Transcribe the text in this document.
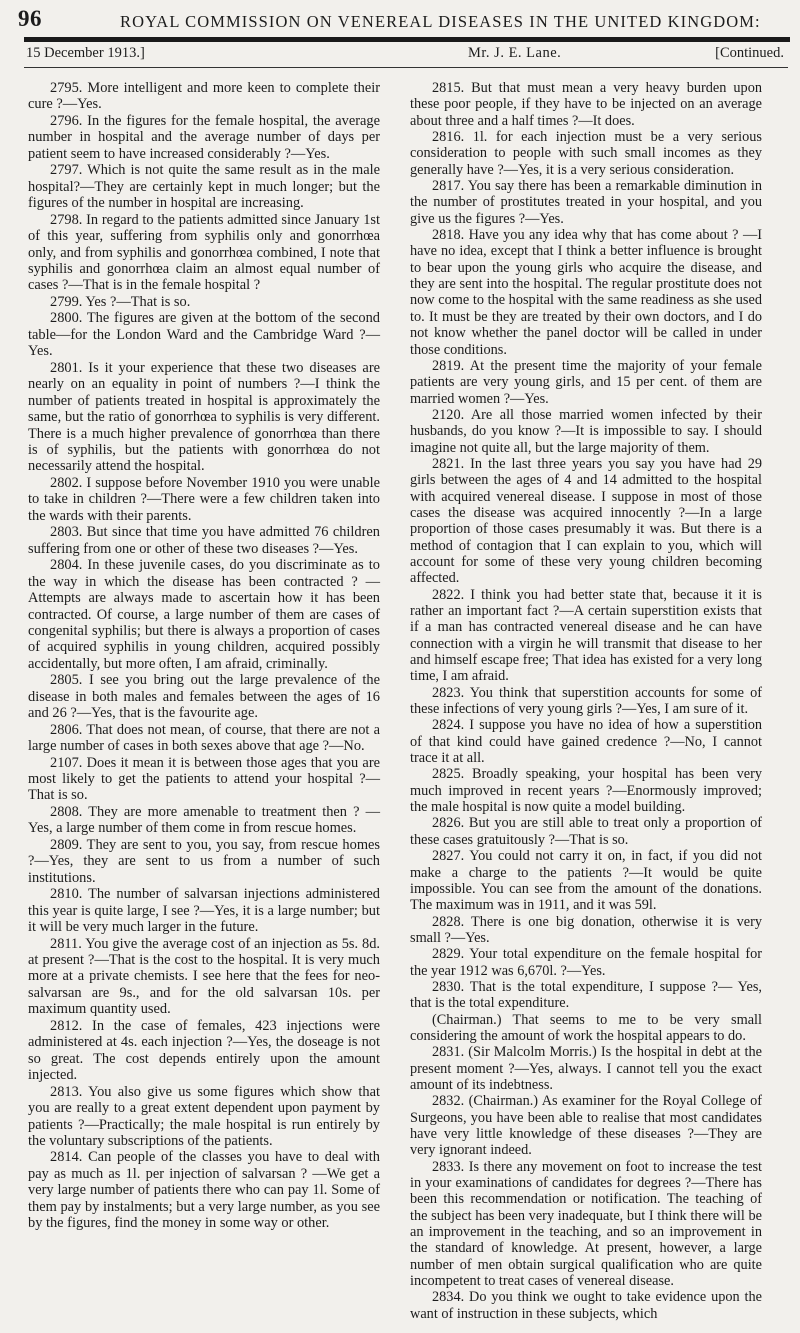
96	ROYAL COMMISSION ON VENEREAL DISEASES IN THE UNITED KINGDOM:
15 December 1913.]	Mr. J. E. Lane.	[Continued.

2795. More intelligent and more keen to complete their cure ?—Yes.

2796. In the figures for the female hospital, the average number in hospital and the average number of days per patient seem to have increased considerably ?—Yes.

2797. Which is not quite the same result as in the male hospital?—They are certainly kept in much longer; but the figures of the number in hospital are increasing.

2798. In regard to the patients admitted since January 1st of this year, suffering from syphilis only and gonorrhœa only, and from syphilis and gonorrhœa combined, I note that syphilis and gonorrhœa claim an almost equal number of cases ?—That is in the female hospital ?

2799. Yes ?—That is so.

2800. The figures are given at the bottom of the second table—for the London Ward and the Cambridge Ward ?—Yes.

2801. Is it your experience that these two diseases are nearly on an equality in point of numbers ?—I think the number of patients treated in hospital is approximately the same, but the ratio of gonorrhœa to syphilis is very different. There is a much higher prevalence of gonorrhœa than there is of syphilis, but the patients with gonorrhœa do not necessarily attend the hospital.

2802. I suppose before November 1910 you were unable to take in children ?—There were a few children taken into the wards with their parents.

2803. But since that time you have admitted 76 children suffering from one or other of these two diseases ?—Yes.

2804. In these juvenile cases, do you discriminate as to the way in which the disease has been contracted ? —Attempts are always made to ascertain how it has been contracted. Of course, a large number of them are cases of congenital syphilis; but there is always a proportion of cases of acquired syphilis in young children, acquired possibly accidentally, but more often, I am afraid, criminally.

2805. I see you bring out the large prevalence of the disease in both males and females between the ages of 16 and 26 ?—Yes, that is the favourite age.

2806. That does not mean, of course, that there are not a large number of cases in both sexes above that age ?—No.

2107. Does it mean it is between those ages that you are most likely to get the patients to attend your hospital ?—That is so.

2808. They are more amenable to treatment then ? —Yes, a large number of them come in from rescue homes.

2809. They are sent to you, you say, from rescue homes ?—Yes, they are sent to us from a number of such institutions.

2810. The number of salvarsan injections administered this year is quite large, I see ?—Yes, it is a large number; but it will be very much larger in the future.

2811. You give the average cost of an injection as 5s. 8d. at present ?—That is the cost to the hospital. It is very much more at a private chemists. I see here that the fees for neo-salvarsan are 9s., and for the old salvarsan 10s. per maximum quantity used.

2812. In the case of females, 423 injections were administered at 4s. each injection ?—Yes, the doseage is not so great. The cost depends entirely upon the amount injected.

2813. You also give us some figures which show that you are really to a great extent dependent upon payment by patients ?—Practically; the male hospital is run entirely by the voluntary subscriptions of the patients.

2814. Can people of the classes you have to deal with pay as much as 1l. per injection of salvarsan ? —We get a very large number of patients there who can pay 1l. Some of them pay by instalments; but a very large number, as you see by the figures, find the money in some way or other.

2815. But that must mean a very heavy burden upon these poor people, if they have to be injected on an average about three and a half times ?—It does.

2816. 1l. for each injection must be a very serious consideration to people with such small incomes as they generally have ?—Yes, it is a very serious consideration.

2817. You say there has been a remarkable diminution in the number of prostitutes treated in your hospital, and you give us the figures ?—Yes.

2818. Have you any idea why that has come about ? —I have no idea, except that I think a better influence is brought to bear upon the young girls who acquire the disease, and they are sent into the hospital. The regular prostitute does not now come to the hospital with the same readiness as she used to. It must be they are treated by their own doctors, and I do not know whether the panel doctor will be called in under those conditions.

2819. At the present time the majority of your female patients are very young girls, and 15 per cent. of them are married women ?—Yes.

2120. Are all those married women infected by their husbands, do you know ?—It is impossible to say. I should imagine not quite all, but the large majority of them.

2821. In the last three years you say you have had 29 girls between the ages of 4 and 14 admitted to the hospital with acquired venereal disease. I suppose in most of those cases the disease was acquired innocently ?—In a large proportion of those cases presumably it was. But there is a method of contagion that I can explain to you, which will account for some of these very young children becoming affected.

2822. I think you had better state that, because it it is rather an important fact ?—A certain superstition exists that if a man has contracted venereal disease and he can have connection with a virgin he will transmit that disease to her and himself escape free; That idea has existed for a very long time, I am afraid.

2823. You think that superstition accounts for some of these infections of very young girls ?—Yes, I am sure of it.

2824. I suppose you have no idea of how a superstition of that kind could have gained credence ?—No, I cannot trace it at all.

2825. Broadly speaking, your hospital has been very much improved in recent years ?—Enormously improved; the male hospital is now quite a model building.

2826. But you are still able to treat only a proportion of these cases gratuitously ?—That is so.

2827. You could not carry it on, in fact, if you did not make a charge to the patients ?—It would be quite impossible. You can see from the amount of the donations. The maximum was in 1911, and it was 59l.

2828. There is one big donation, otherwise it is very small ?—Yes.

2829. Your total expenditure on the female hospital for the year 1912 was 6,670l. ?—Yes.

2830. That is the total expenditure, I suppose ?— Yes, that is the total expenditure.

(Chairman.) That seems to me to be very small considering the amount of work the hospital appears to do.

2831. (Sir Malcolm Morris.) Is the hospital in debt at the present moment ?—Yes, always. I cannot tell you the exact amount of its indebtness.

2832. (Chairman.) As examiner for the Royal College of Surgeons, you have been able to realise that most candidates have very little knowledge of these diseases ?—They are very ignorant indeed.

2833. Is there any movement on foot to increase the test in your examinations of candidates for degrees ?—There has been this recommendation or notification. The teaching of the subject has been very inadequate, but I think there will be an improvement in the teaching, and so an improvement in the standard of knowledge. At present, however, a large number of men obtain surgical qualification who are quite incompetent to treat cases of venereal disease.

2834. Do you think we ought to take evidence upon the want of instruction in these subjects, which
